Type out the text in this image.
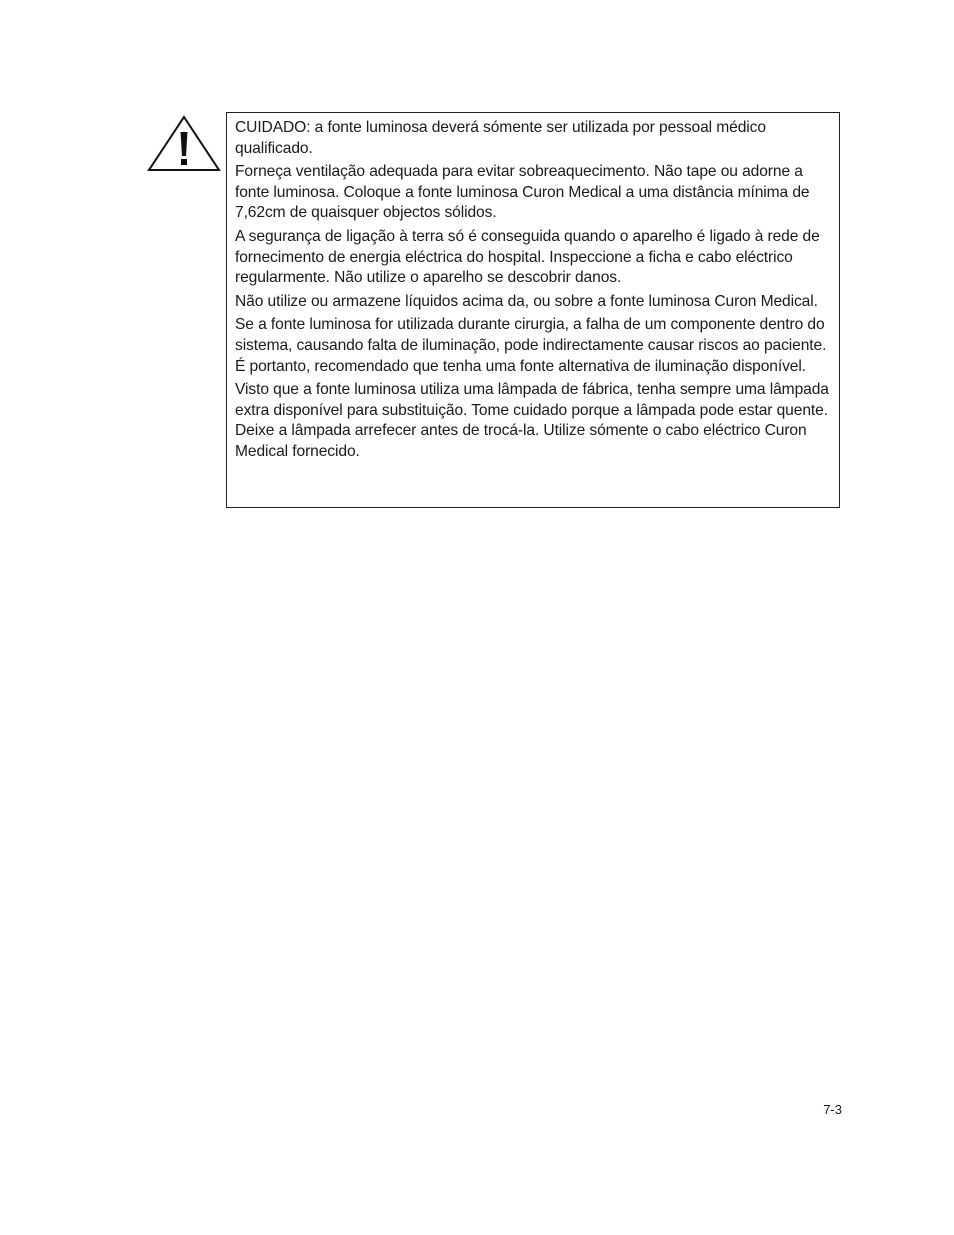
CUIDADO: a fonte luminosa deverá sómente ser utilizada por pessoal médico qualificado.

Forneça ventilação adequada para evitar sobreaquecimento. Não tape ou adorne a fonte luminosa. Coloque a fonte luminosa Curon Medical a uma distância mínima de 7,62cm de quaisquer objectos sólidos.

A segurança de ligação à terra só é conseguida quando o aparelho é ligado à rede de fornecimento de energia eléctrica do hospital. Inspeccione a ficha e cabo eléctrico regularmente. Não utilize o aparelho se descobrir danos.

Não utilize ou armazene líquidos acima da, ou sobre a fonte luminosa Curon Medical.

Se a fonte luminosa for utilizada durante cirurgia, a falha de um componente dentro do sistema, causando falta de iluminação, pode indirectamente causar riscos ao paciente. É portanto, recomendado que tenha uma fonte alternativa de iluminação disponível.

Visto que a fonte luminosa utiliza uma lâmpada de fábrica, tenha sempre uma lâmpada extra disponível para substituição. Tome cuidado porque a lâmpada pode estar quente. Deixe a lâmpada arrefecer antes de trocá-la. Utilize sómente o cabo eléctrico Curon Medical fornecido.

7-3
